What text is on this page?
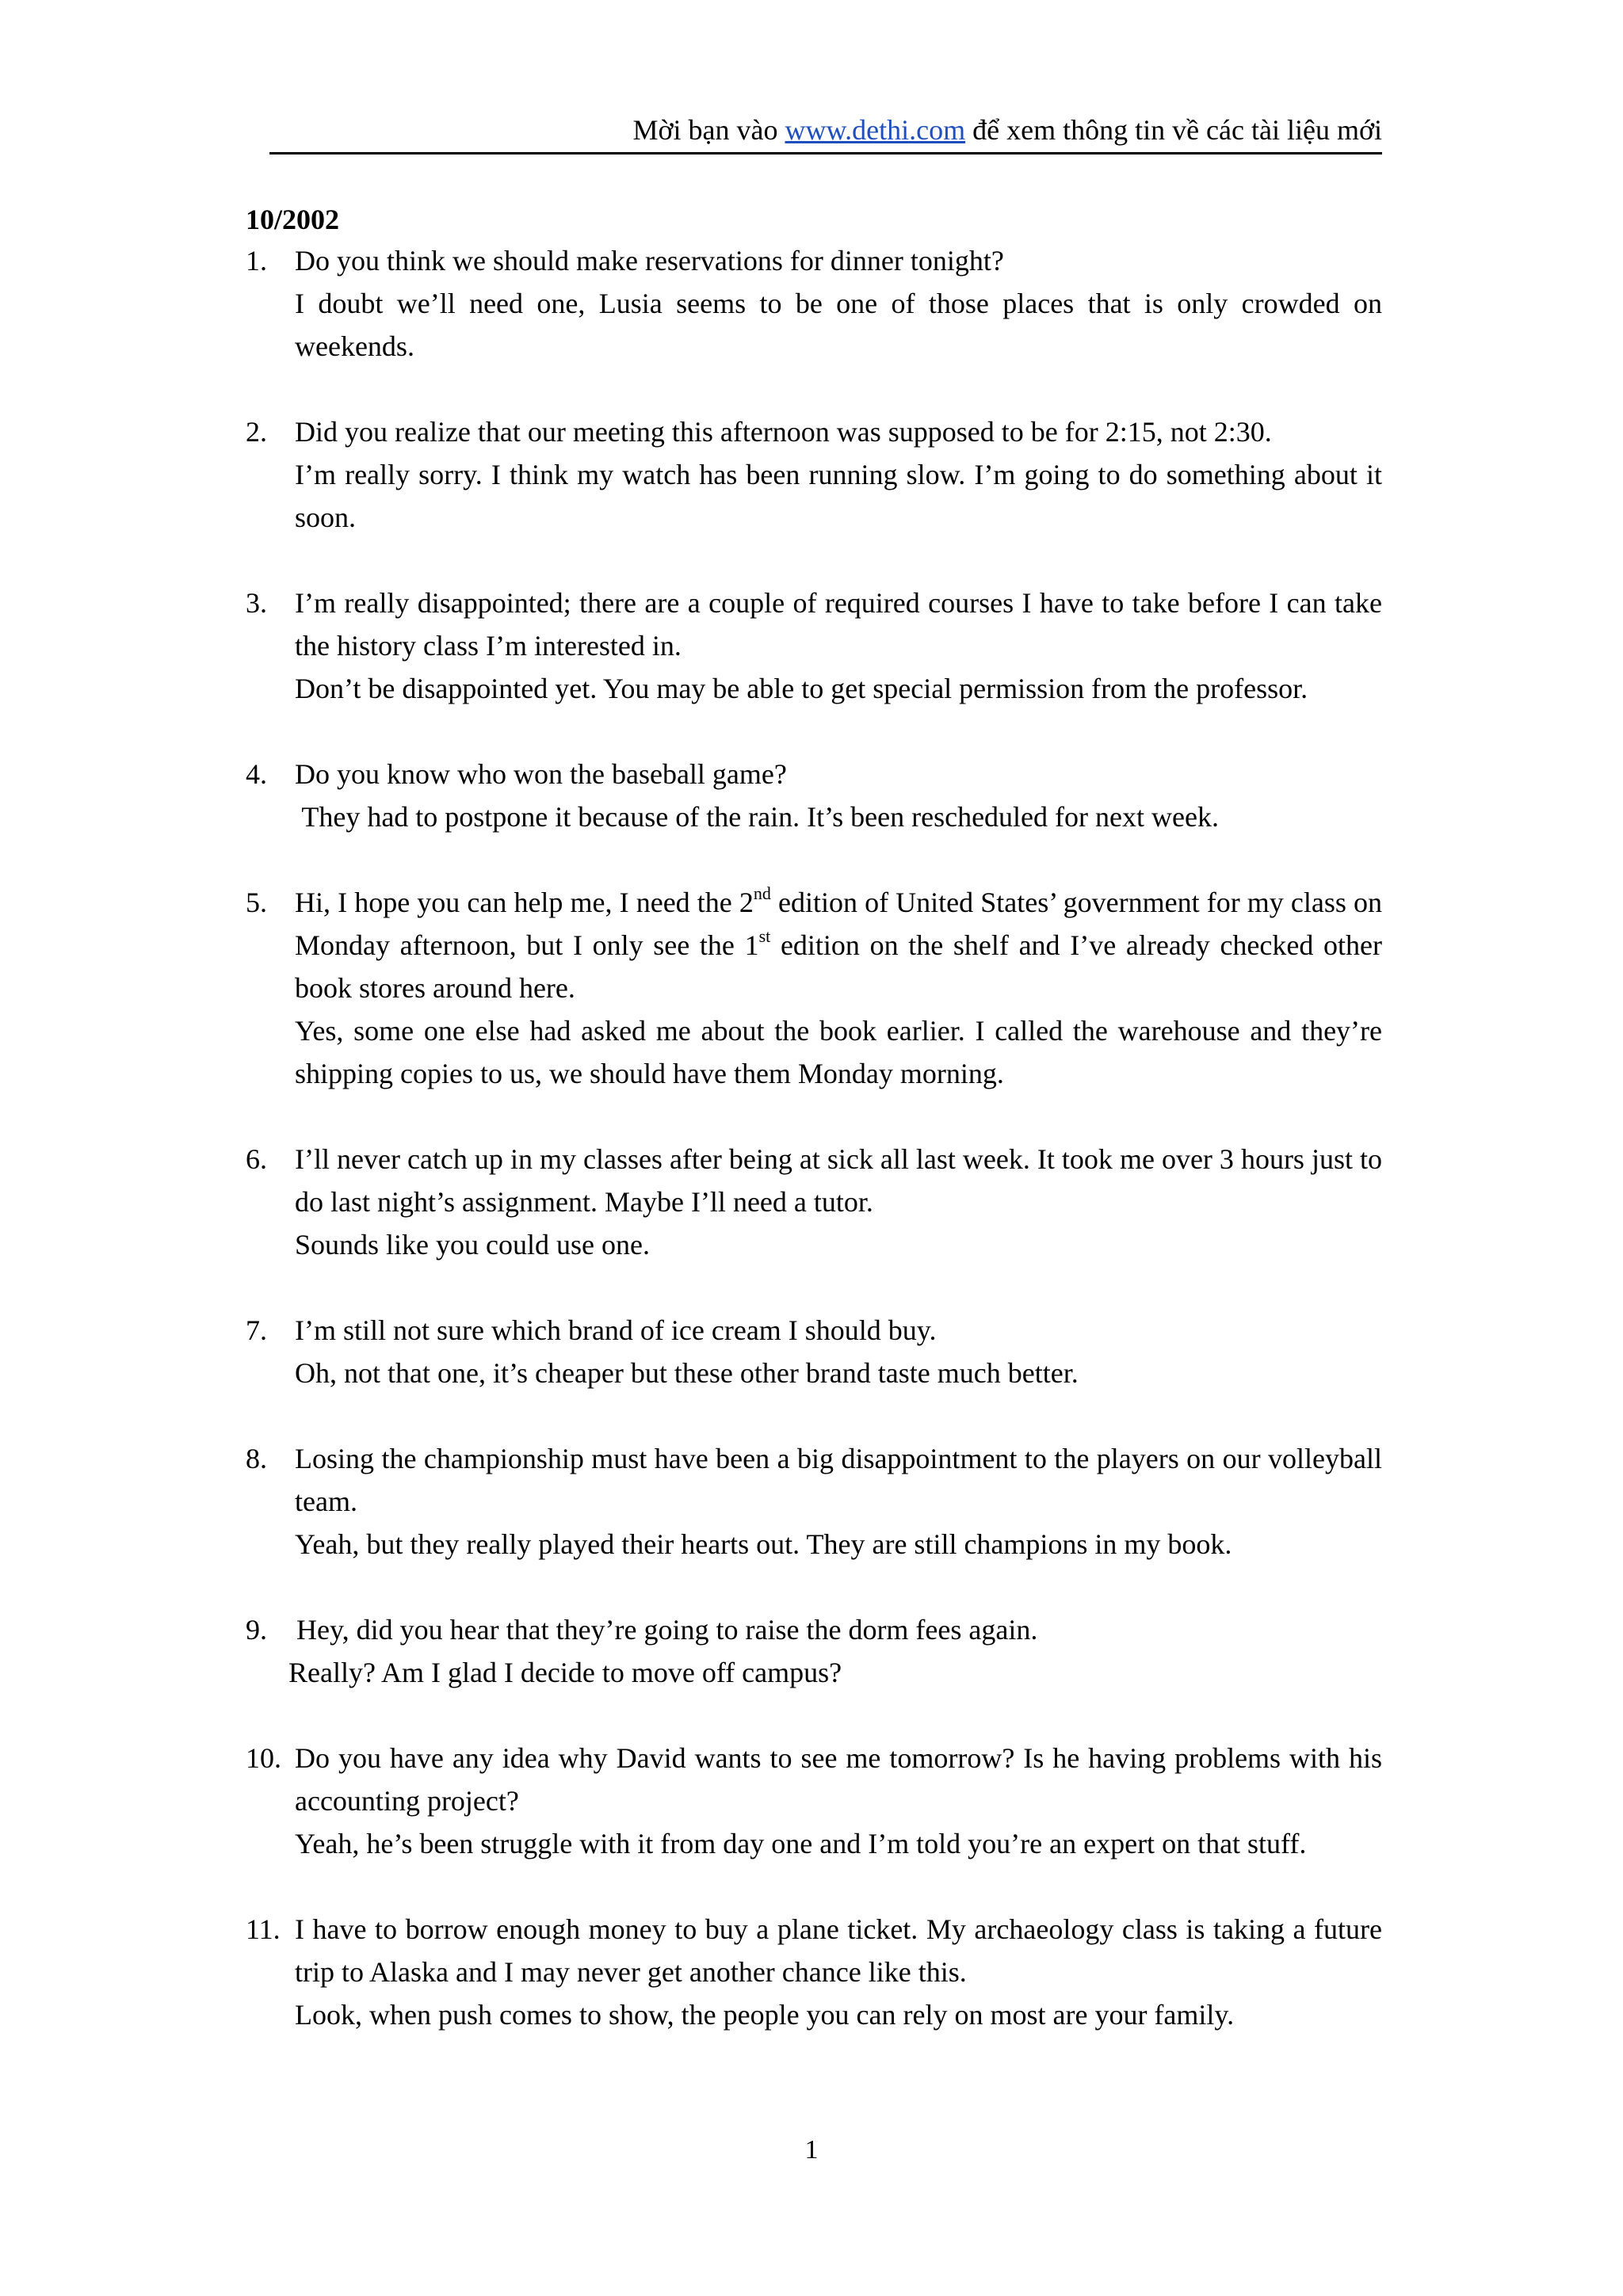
Mời bạn vào www.dethi.com để xem thông tin về các tài liệu mới
10/2002
1. Do you think we should make reservations for dinner tonight?
I doubt we’ll need one, Lusia seems to be one of those places that is only crowded on weekends.
2. Did you realize that our meeting this afternoon was supposed to be for 2:15, not 2:30.
I’m really sorry. I think my watch has been running slow. I’m going to do something about it soon.
3. I’m really disappointed; there are a couple of required courses I have to take before I can take the history class I’m interested in.
Don’t be disappointed yet. You may be able to get special permission from the professor.
4. Do you know who won the baseball game?
They had to postpone it because of the rain. It’s been rescheduled for next week.
5. Hi, I hope you can help me, I need the 2nd edition of United States’ government for my class on Monday afternoon, but I only see the 1st edition on the shelf and I’ve already checked other book stores around here.
Yes, some one else had asked me about the book earlier. I called the warehouse and they’re shipping copies to us, we should have them Monday morning.
6. I’ll never catch up in my classes after being at sick all last week. It took me over 3 hours just to do last night’s assignment. Maybe I’ll need a tutor.
Sounds like you could use one.
7. I’m still not sure which brand of ice cream I should buy.
Oh, not that one, it’s cheaper but these other brand taste much better.
8. Losing the championship must have been a big disappointment to the players on our volleyball team.
Yeah, but they really played their hearts out. They are still champions in my book.
9. Hey, did you hear that they’re going to raise the dorm fees again.
Really? Am I glad I decide to move off campus?
10. Do you have any idea why David wants to see me tomorrow? Is he having problems with his accounting project?
Yeah, he’s been struggle with it from day one and I’m told you’re an expert on that stuff.
11. I have to borrow enough money to buy a plane ticket. My archaeology class is taking a future trip to Alaska and I may never get another chance like this.
Look, when push comes to show, the people you can rely on most are your family.
1
